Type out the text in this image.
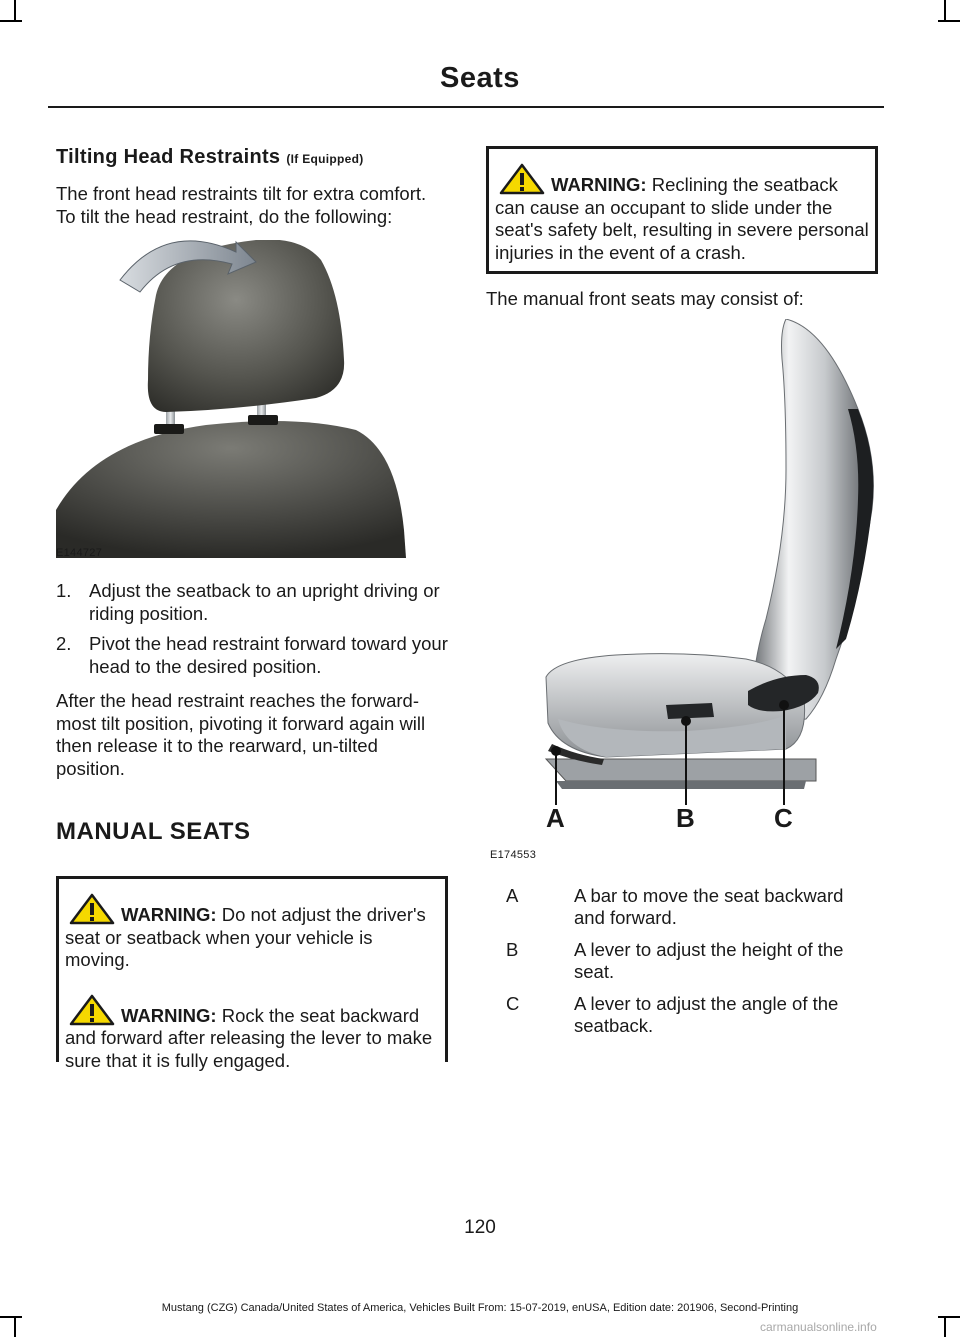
Seats
Tilting Head Restraints (If Equipped)

The front head restraints tilt for extra comfort. To tilt the head restraint, do the following:

E144727
1. Adjust the seatback to an upright driving or riding position.
2. Pivot the head restraint forward toward your head to the desired position.

After the head restraint reaches the forward-most tilt position, pivoting it forward again will then release it to the rearward, un-tilted position.

MANUAL SEATS

WARNING: Do not adjust the driver's seat or seatback when your vehicle is moving.

WARNING: Rock the seat backward and forward after releasing the lever to make sure that it is fully engaged.

WARNING: Reclining the seatback can cause an occupant to slide under the seat's safety belt, resulting in severe personal injuries in the event of a crash.

The manual front seats may consist of:

A	B	C
E174553
A	A bar to move the seat backward and forward.
B	A lever to adjust the height of the seat.
C	A lever to adjust the angle of the seatback.
120
Mustang (CZG) Canada/United States of America, Vehicles Built From: 15-07-2019, enUSA, Edition date: 201906, Second-Printing
carmanualsonline.info
